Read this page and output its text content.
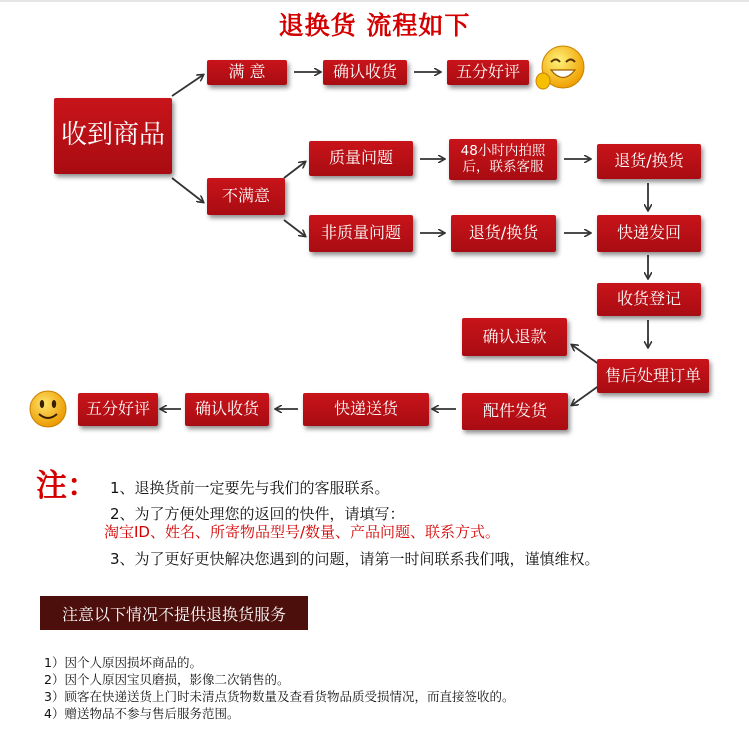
退换货 流程如下
收到商品
满 意	确认收货	五分好评
不满意
质量问题	48小时内拍照
后，联系客服	退货/换货
非质量问题	退货/换货	快递发回
收货登记
确认退款
售后处理订单
配件发货
快递送货
确认收货
五分好评
注： 1、退换货前一定要先与我们的客服联系。
2、为了方便处理您的返回的快件，请填写：
淘宝ID、姓名、所寄物品型号/数量、产品问题、联系方式。
3、为了更好更快解决您遇到的问题，请第一时间联系我们哦，谨慎维权。
注意以下情况不提供退换货服务
1）因个人原因损坏商品的。
2）因个人原因宝贝磨损，影像二次销售的。
3）顾客在快递送货上门时未清点货物数量及查看货物品质受损情况，而直接签收的。
4）赠送物品不参与售后服务范围。
